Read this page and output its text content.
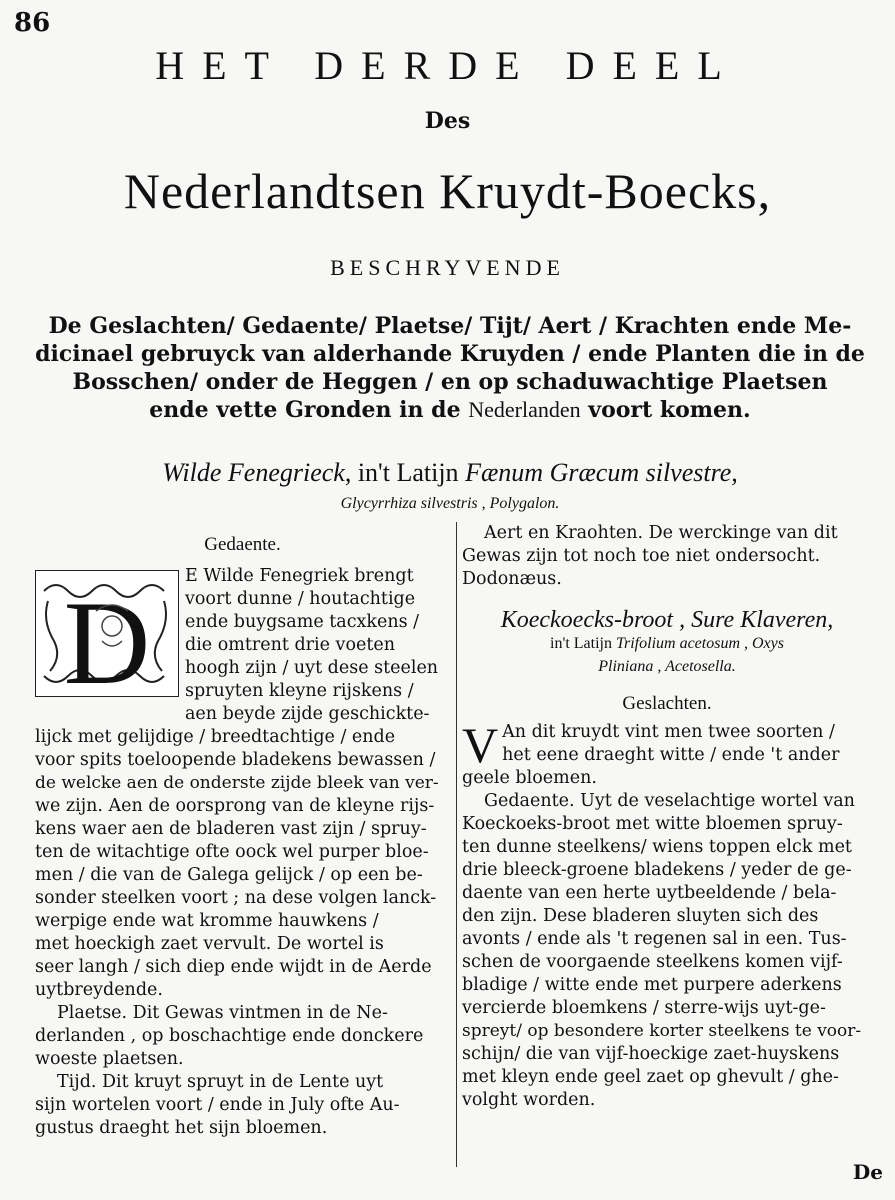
86
HET DERDE DEEL
Des
Nederlandtsen Kruydt-Boecks,
BESCHRYVENDE
De Geslachten/ Gedaente/ Plaetse/ Tijt/ Aert / Krachten ende Me-
dicinael gebruyck van alderhande Kruyden / ende Planten die in de
Bosschen/ onder de Heggen / en op schaduwachtige Plaetsen
ende vette Gronden in de Nederlanden voort komen.
Wilde Fenegrieck, in't Latijn Fænum Græcum silvestre,
Glycyrrhiza silvestris , Polygalon.
Gedaente.
D	E Wilde Fenegriek brengt
voort dunne / houtachtige
ende buygsame tacxkens /
die omtrent drie voeten
hoogh zijn / uyt dese steelen
spruyten kleyne rijskens /
aen beyde zijde geschickte-
lijck met gelijdige / breedtachtige / ende
voor spits toeloopende bladekens bewassen /
de welcke aen de onderste zijde bleek van ver-
we zijn. Aen de oorsprong van de kleyne rijs-
kens waer aen de bladeren vast zijn / spruy-
ten de witachtige ofte oock wel purper bloe-
men / die van de Galega gelijck / op een be-
sonder steelken voort ; na dese volgen lanck-
werpige ende wat kromme hauwkens /
met hoeckigh zaet vervult. De wortel is
seer langh / sich diep ende wijdt in de Aerde
uytbreydende.
Plaetse. Dit Gewas vintmen in de Ne-
derlanden , op boschachtige ende donckere
woeste plaetsen.
Tijd. Dit kruyt spruyt in de Lente uyt
sijn wortelen voort / ende in July ofte Au-
gustus draeght het sijn bloemen.
Aert en Kraohten. De werckinge van dit
Gewas zijn tot noch toe niet ondersocht.
Dodonæus.
Koeckoecks-broot , Sure Klaveren,
in't Latijn Trifolium acetosum , Oxys
Pliniana , Acetosella.
Geslachten.
V An dit kruydt vint men twee soorten /
het eene draeght witte / ende 't ander
geele bloemen.
Gedaente. Uyt de veselachtige wortel van
Koeckoeks-broot met witte bloemen spruy-
ten dunne steelkens/ wiens toppen elck met
drie bleeck-groene bladekens / yeder de ge-
daente van een herte uytbeeldende / bela-
den zijn. Dese bladeren sluyten sich des
avonts / ende als 't regenen sal in een. Tus-
schen de voorgaende steelkens komen vijf-
bladige / witte ende met purpere aderkens
vercierde bloemkens / sterre-wijs uyt-ge-
spreyt/ op besondere korter steelkens te voor-
schijn/ die van vijf-hoeckige zaet-huyskens
met kleyn ende geel zaet op ghevult / ghe-
volght worden.
De
